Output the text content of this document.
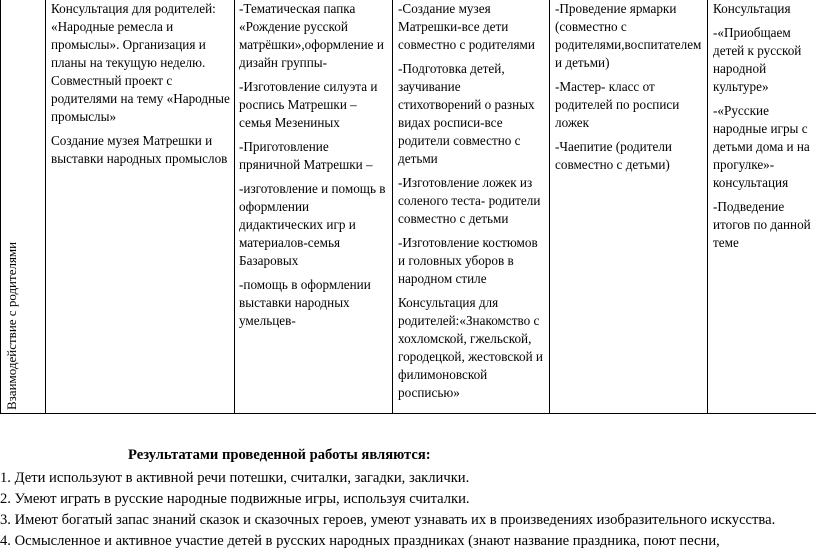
Взаимодействие с родителями

Консультация для родителей: «Народные ремесла и промыслы». Организация и планы на текущую неделю. Совместный проект с родителями на тему «Народные промыслы»

Создание музея Матрешки и выставки народных промыслов

-Тематическая папка «Рождение русской матрёшки»,оформление и дизайн группы-

-Изготовление силуэта и роспись Матрешки – семья Мезениных

-Приготовление пряничной Матрешки –

-изготовление и помощь в оформлении дидактических игр и материалов-семья Базаровых

-помощь в оформлении выставки народных умельцев-

-Создание музея Матрешки-все дети совместно с родителями

-Подготовка детей, заучивание стихотворений о разных видах росписи-все родители совместно с детьми

-Изготовление ложек из соленого теста- родители совместно с детьми

-Изготовление костюмов и головных уборов в народном стиле

Консультация для родителей:«Знакомство с хохломской, гжельской, городецкой, жестовской и филимоновской росписью»

-Проведение ярмарки (совместно с родителями,воспитателем и детьми)

-Мастер- класс от родителей по росписи ложек

-Чаепитие (родители совместно с детьми)

Консультация

-«Приобщаем детей к русской народной культуре»

-«Русские народные игры с детьми дома и на прогулке»-консультация

-Подведение итогов по данной теме

Результатами проведенной работы являются:
1. Дети используют в активной речи потешки, считалки, загадки, заклички.
2. Умеют играть в русские народные подвижные игры, используя считалки.
3. Имеют богатый запас знаний сказок и сказочных героев, умеют узнавать их в произведениях изобразительного искусства.
4. Осмысленное и активное участие детей в русских народных праздниках (знают название праздника, поют песни,
